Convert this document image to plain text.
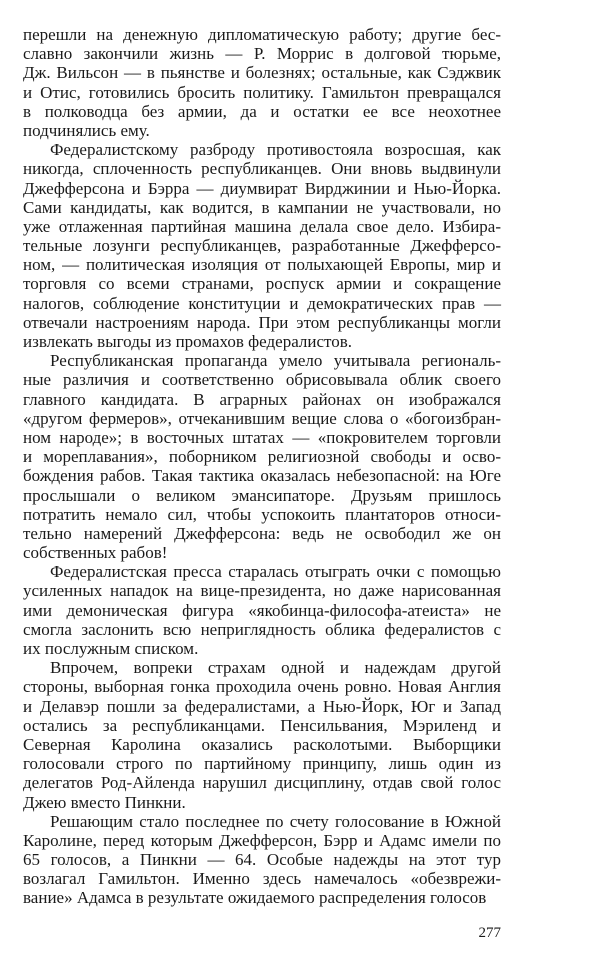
перешли на денежную дипломатическую работу; другие бес-
славно закончили жизнь — Р. Моррис в долговой тюрьме,
Дж. Вильсон — в пьянстве и болезнях; остальные, как Сэджвик
и Отис, готовились бросить политику. Гамильтон превращался
в полководца без армии, да и остатки ее все неохотнее
подчинялись ему.
Федералистскому разброду противостояла возросшая, как
никогда, сплоченность республиканцев. Они вновь выдвинули
Джефферсона и Бэрра — диумвират Вирджинии и Нью-Йорка.
Сами кандидаты, как водится, в кампании не участвовали, но
уже отлаженная партийная машина делала свое дело. Избира-
тельные лозунги республиканцев, разработанные Джефферсо-
ном, — политическая изоляция от полыхающей Европы, мир и
торговля со всеми странами, роспуск армии и сокращение
налогов, соблюдение конституции и демократических прав —
отвечали настроениям народа. При этом республиканцы могли
извлекать выгоды из промахов федералистов.
Республиканская пропаганда умело учитывала региональ-
ные различия и соответственно обрисовывала облик своего
главного кандидата. В аграрных районах он изображался
«другом фермеров», отчеканившим вещие слова о «богоизбран-
ном народе»; в восточных штатах — «покровителем торговли
и мореплавания», поборником религиозной свободы и осво-
бождения рабов. Такая тактика оказалась небезопасной: на Юге
прослышали о великом эмансипаторе. Друзьям пришлось
потратить немало сил, чтобы успокоить плантаторов относи-
тельно намерений Джефферсона: ведь не освободил же он
собственных рабов!
Федералистская пресса старалась отыграть очки с помощью
усиленных нападок на вице-президента, но даже нарисованная
ими демоническая фигура «якобинца-философа-атеиста» не
смогла заслонить всю неприглядность облика федералистов с
их послужным списком.
Впрочем, вопреки страхам одной и надеждам другой
стороны, выборная гонка проходила очень ровно. Новая Англия
и Делавэр пошли за федералистами, а Нью-Йорк, Юг и Запад
остались за республиканцами. Пенсильвания, Мэриленд и
Северная Каролина оказались расколотыми. Выборщики
голосовали строго по партийному принципу, лишь один из
делегатов Род-Айленда нарушил дисциплину, отдав свой голос
Джею вместо Пинкни.
Решающим стало последнее по счету голосование в Южной
Каролине, перед которым Джефферсон, Бэрр и Адамс имели по
65 голосов, а Пинкни — 64. Особые надежды на этот тур
возлагал Гамильтон. Именно здесь намечалось «обезврежи-
вание» Адамса в результате ожидаемого распределения голосов
277
